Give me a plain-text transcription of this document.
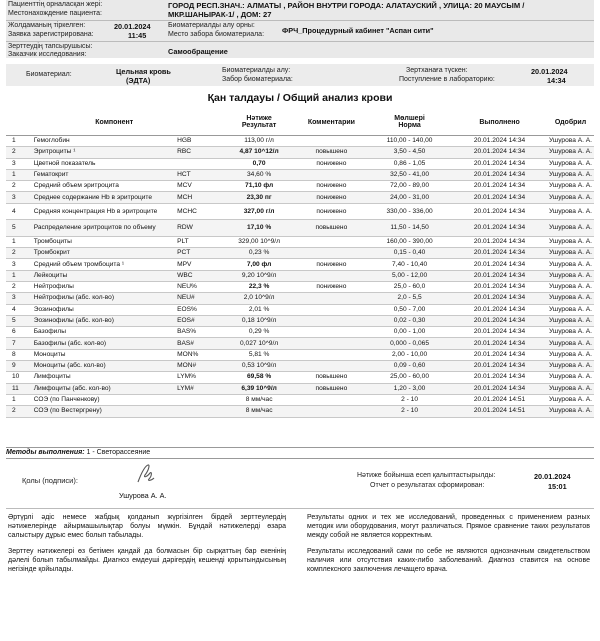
Пациенттің орналасқан жері:
Местонахождение пациента:
ГОРОД РЕСП.ЗНАЧ.: АЛМАТЫ , РАЙОН ВНУТРИ ГОРОДА: АЛАТАУСКИЙ , УЛИЦА: 20 МАУСЫМ /МКР.ШАНЫРАК-1/ , ДОМ: 27
Жолдаманың тіркелген:
Заявка зарегистрирована:
20.01.2024
11:45
Биоматериалды алу орны:
Место забора биоматериала: ФРЧ_Процедурный кабинет "Аспан сити"
Зерттеудің тапсырушысы:
Заказчик исследования:	Самообращение
Биоматериал:	Цельная кровь
(ЭДТА)
Биоматериалды алу:
Забор биоматериала:
Зертханаға түскен:
Поступление в лабораторию:
20.01.2024
14:34
Қан талдауы / Общий анализ крови
Компонент			Нәтиже
Результат	Комментарии	Мөлшері
Норма	Выполнено	Одобрил
1	Гемоглобин	HGB	113,00 г/л		110,00 - 140,00	20.01.2024 14:34	Ушурова А. А.
2	Эритроциты ¹	RBC	4,87 10^12/л	повышено	3,50 - 4,50	20.01.2024 14:34	Ушурова А. А.
3	Цветной показатель		0,70	понижено	0,86 - 1,05	20.01.2024 14:34	Ушурова А. А.
1	Гематокрит	HCT	34,60 %		32,50 - 41,00	20.01.2024 14:34	Ушурова А. А.
2	Средний объем эритроцита	MCV	71,10 фл	понижено	72,00 - 89,00	20.01.2024 14:34	Ушурова А. А.
3	Среднее содержание Hb в эритроците	MCH	23,30 пг	понижено	24,00 - 31,00	20.01.2024 14:34	Ушурова А. А.
4	Средняя концентрация Hb в эритроците	MCHC	327,00 г/л	понижено	330,00 - 336,00	20.01.2024 14:34	Ушурова А. А.
5	Распределение эритроцитов по объему	RDW	17,10 %	повышено	11,50 - 14,50	20.01.2024 14:34	Ушурова А. А.
1	Тромбоциты	PLT	329,00 10^9/л		160,00 - 390,00	20.01.2024 14:34	Ушурова А. А.
2	Тромбокрит	PCT	0,23 %		0,15 - 0,40	20.01.2024 14:34	Ушурова А. А.
3	Средний объем тромбоцита ¹	MPV	7,00 фл	понижено	7,40 - 10,40	20.01.2024 14:34	Ушурова А. А.
1	Лейкоциты	WBC	9,20 10^9/л		5,00 - 12,00	20.01.2024 14:34	Ушурова А. А.
2	Нейтрофилы	NEU%	22,3 %	понижено	25,0 - 60,0	20.01.2024 14:34	Ушурова А. А.
3	Нейтрофилы (абс. кол-во)	NEU#	2,0 10^9/л		2,0 - 5,5	20.01.2024 14:34	Ушурова А. А.
4	Эозинофилы	EOS%	2,01 %		0,50 - 7,00	20.01.2024 14:34	Ушурова А. А.
5	Эозинофилы (абс. кол-во)	EOS#	0,18 10^9/л		0,02 - 0,30	20.01.2024 14:34	Ушурова А. А.
6	Базофилы	BAS%	0,29 %		0,00 - 1,00	20.01.2024 14:34	Ушурова А. А.
7	Базофилы (абс. кол-во)	BAS#	0,027 10^9/л		0,000 - 0,065	20.01.2024 14:34	Ушурова А. А.
8	Моноциты	MON%	5,81 %		2,00 - 10,00	20.01.2024 14:34	Ушурова А. А.
9	Моноциты (абс. кол-во)	MON#	0,53 10^9/л		0,09 - 0,60	20.01.2024 14:34	Ушурова А. А.
10	Лимфоциты	LYM%	69,58 %	повышено	25,00 - 60,00	20.01.2024 14:34	Ушурова А. А.
11	Лимфоциты (абс. кол-во)	LYM#	6,39 10^9/л	повышено	1,20 - 3,00	20.01.2024 14:34	Ушурова А. А.
1	СОЭ (по Панченкову)		8 мм/час		2 - 10	20.01.2024 14:51	Ушурова А. А.
2	СОЭ (по Вестергрену)		8 мм/час		2 - 10	20.01.2024 14:51	Ушурова А. А.
Методы выполнения: 1 - Светорассеяние
Қолы (подписи):
Ушурова А. А.
Нәтиже бойынша есеп қалыптастырылды:
Отчет о результатах сформирован:
20.01.2024
15:01
Әртүрлі әдіс немесе жабдық қолданып жүргізілген бірдей зерттеулердің нәтижелерінде айырмашылықтар болуы мүмкін. Бұндай нәтижелерді өзара салыстыру дұрыс емес болып табылады.
Результаты одних и тех же исследований, проведенных с применением разных методик или оборудования, могут различаться. Прямое сравнение таких результатов между собой не является корректным.
Зерттеу нәтижелері өз бетімен қандай да болмасын бір сырқаттың бар екенінің дәлелі болып табылмайды. Диагноз емдеуші дәрігердің кешенді қорытындысының негізінде қойылады.
Результаты исследований сами по себе не являются однозначным свидетельством наличия или отсутствия каких-либо заболеваний. Диагноз ставится на основе комплексного заключения лечащего врача.
